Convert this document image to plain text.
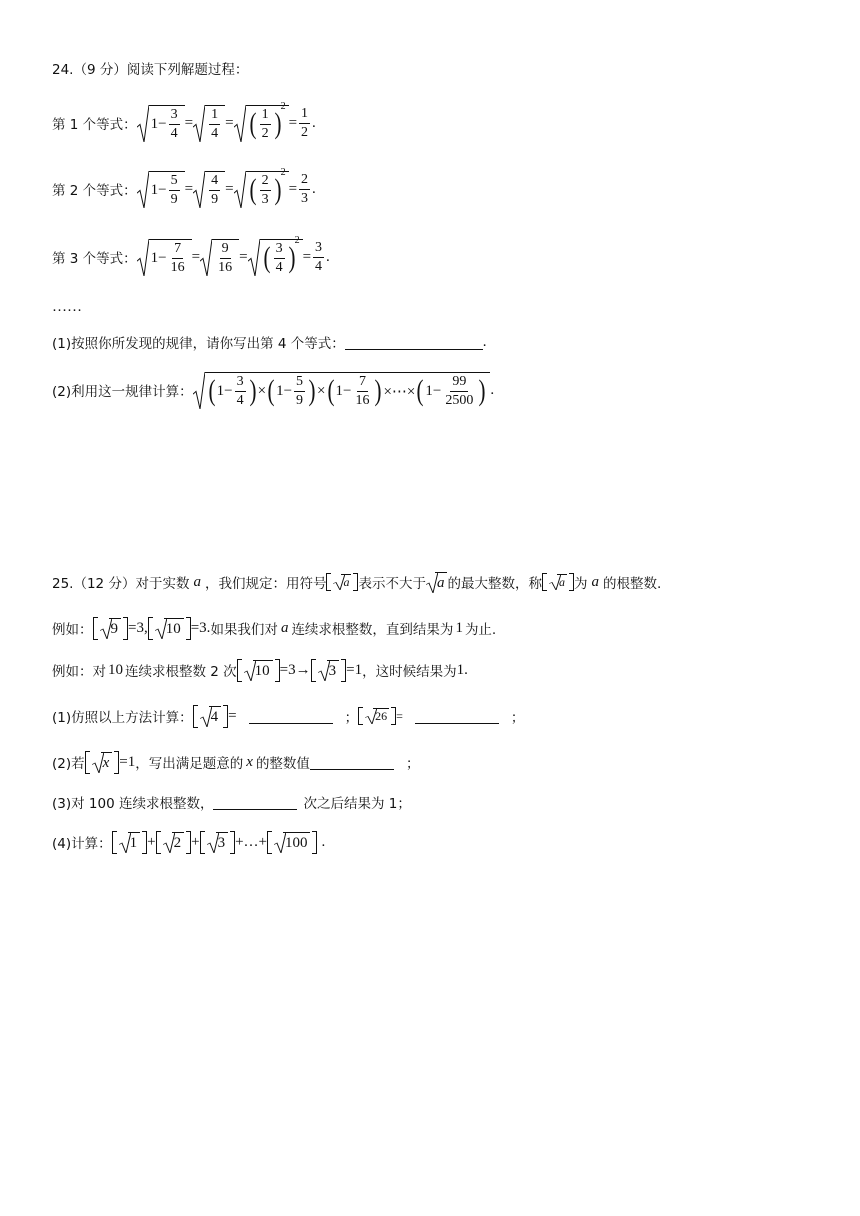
24.（9 分）阅读下列解题过程：
第 1 个等式： $1- \frac{3}{4} = \frac{1}{4}$ = ( $\frac{1}{2}$ )
2
= $\frac{1}{2}$ .
第 2 个等式： $1- \frac{5}{9} = \frac{4}{9}$ = ( $\frac{2}{3}$ )
2
= $\frac{2}{3}$ .
第 3 个等式： $1- \frac{7}{16} = \frac{9}{16}$ = ( $\frac{3}{4}$ )
2
= $\frac{3}{4}$ .
……
(1)按照你所发现的规律，请你写出第 4 个等式：	.
(2)利用这一规律计算： ( $1- \frac{3}{4}$ ) × ( $1- \frac{5}{9}$ ) × ( $1- \frac{7}{16}$ ) ×⋯× ( $1- \frac{99}{2500}$ ) .
25.（12 分）对于实数 a ，我们规定：用符号 a 表示不大于 a 的最大整数，称 a 为 a 的根整数.
例如： 9 =3, 10 =3. 如果我们对 a 连续求根整数，直到结果为 1 为止.
例如：对 10 连续求根整数 2 次 10 =3→ 3 =1 ，这时候结果为 1.
(1)仿照以上方法计算： 4 =	； 26 =	；
(2)若 x =1 ，写出满足题意的 x 的整数值	；
(3)对 100 连续求根整数，	次之后结果为 1；
(4)计算： 1 + 2 + 3 +…+ 100 .
